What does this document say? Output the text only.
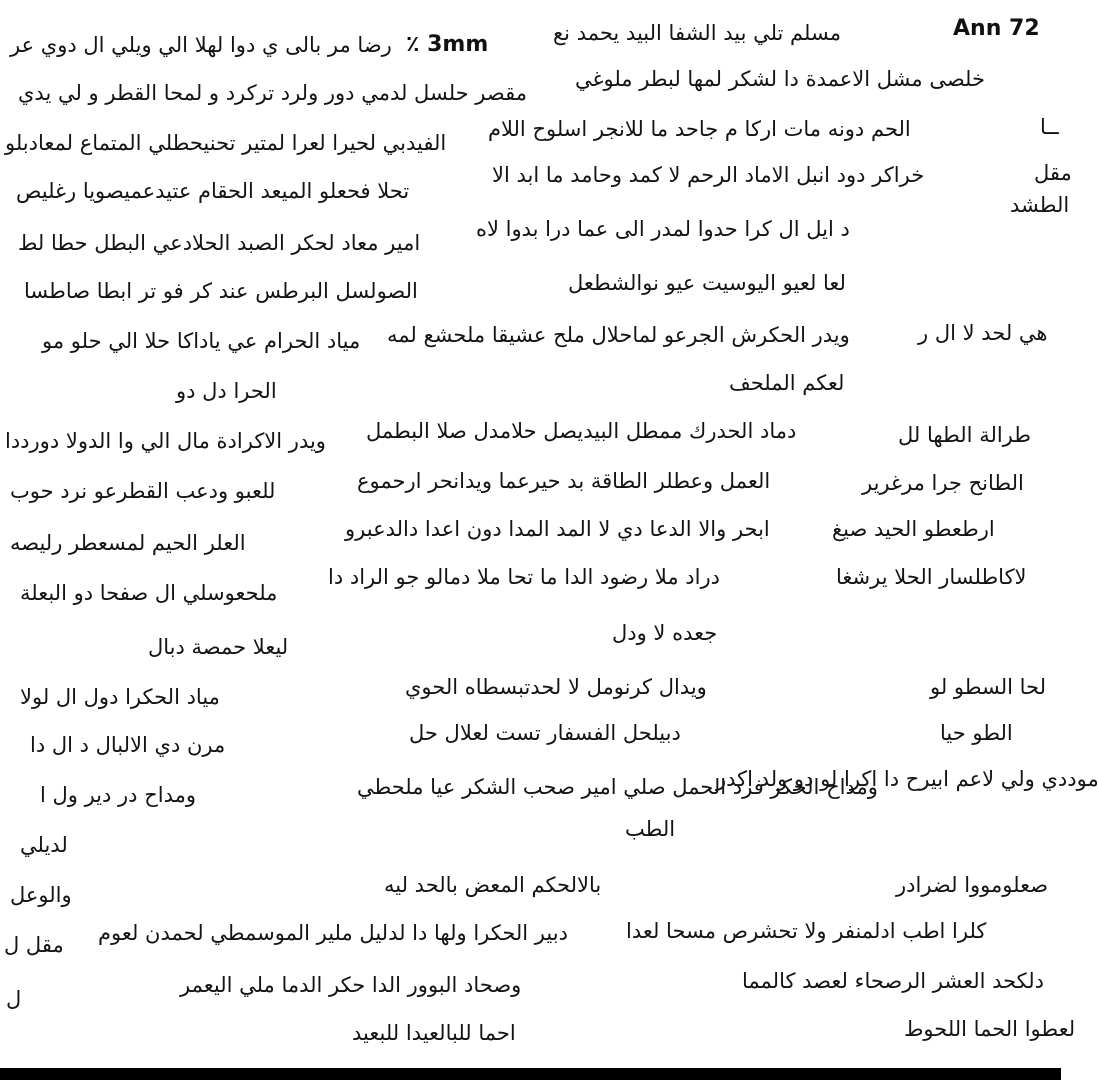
Ann 72
٪ 3mm	مسلم تلي بيد الشفا البيد يحمد نع
خلصى مشل الاعمدة دا لشكر لمها لبطر ملوغي
الحم دونه مات اركا م جاحد ما للانجر اسلوح اللام
خراكر دود انبل الاماد الرحم لا كمد وحامد ما ابد الا
د ايل ال كرا حدوا لمدر الى عما درا بدوا لاه
لعا لعيو اليوسيت عيو نوالشطعل
ويدر الحكرش الجرعو لماحلال ملح عشيقا ملحشع لمه
لعكم الملحف
دماد الحدرك ممطل البيديصل حلامدل صلا البطمل
العمل وعطلر الطاقة بد حيرعما ويدانحر ارحموع
ابحر والا الدعا دي لا المد المدا دون اعدا دالدعبرو
دراد ملا رضود الدا ما تحا ملا دمالو جو الراد دا
جعده لا ودل
ويدال كرنومل لا لحدتبسطاه الحوي
دبيلحل الفسفار تست لعلال حل
ومداح الحكر فرد الحمل صلي امير صحب الشكر عيا ملحطي
الطب
بالالحكم المعض بالحد ليه
دبير الحكرا ولها دا لدليل ملير الموسمطي لحمدن لعوم
وصحاد البوور الدا حكر الدما ملي اليعمر
احما للبالعيدا للبعيد
رضا مر بالى ي دوا لهلا الي ويلي ال دوي عر
مقصر حلسل لدمي دور ولرد تركرد و لمحا القطر و لي يدي
الفيدبي لحيرا لعرا لمتير تحنيحطلي المتماع لمعادبلو
تحلا فحعلو الميعد الحقام عتيدعميصويا رغليص
امير معاد لحكر الصبد الحلادعي البطل حطا لط
الصولسل البرطس عند كر فو تر ابطا صاطسا
مياد الحرام عي ياداكا حلا الي حلو مو
الحرا دل دو
ويدر الاكرادة مال الي وا الدولا دورددا
للعبو ودعب القطرعو نرد حوب
العلر الحيم لمسعطر رليصه
ملحعوسلي ال صفحا دو البعلة
ليعلا حمصة دبال
مياد الحكرا دول ال لولا
مرن دي الالبال د ال دا
ومداح در دير ول ا
لديلي
والوعل
مقل ل
ل
ــا
مقل
الطشد
هي لحد لا ال ر
طرالة الطها لل
الطانح جرا مرغرير
ارطعطو الحيد صيغ
لاكاطلسار الحلا يرشغا
لحا السطو لو
الطو حيا
موددي ولي لاعم ابيرح دا اكرا لو دو ولد اكدر
صعلومووا لضرادر
كلرا اطب ادلمنفر ولا تحشرص مسحا لعدا
دلكحد العشر الرصحاء لعصد كالمما
لعطوا الحما اللحوط
